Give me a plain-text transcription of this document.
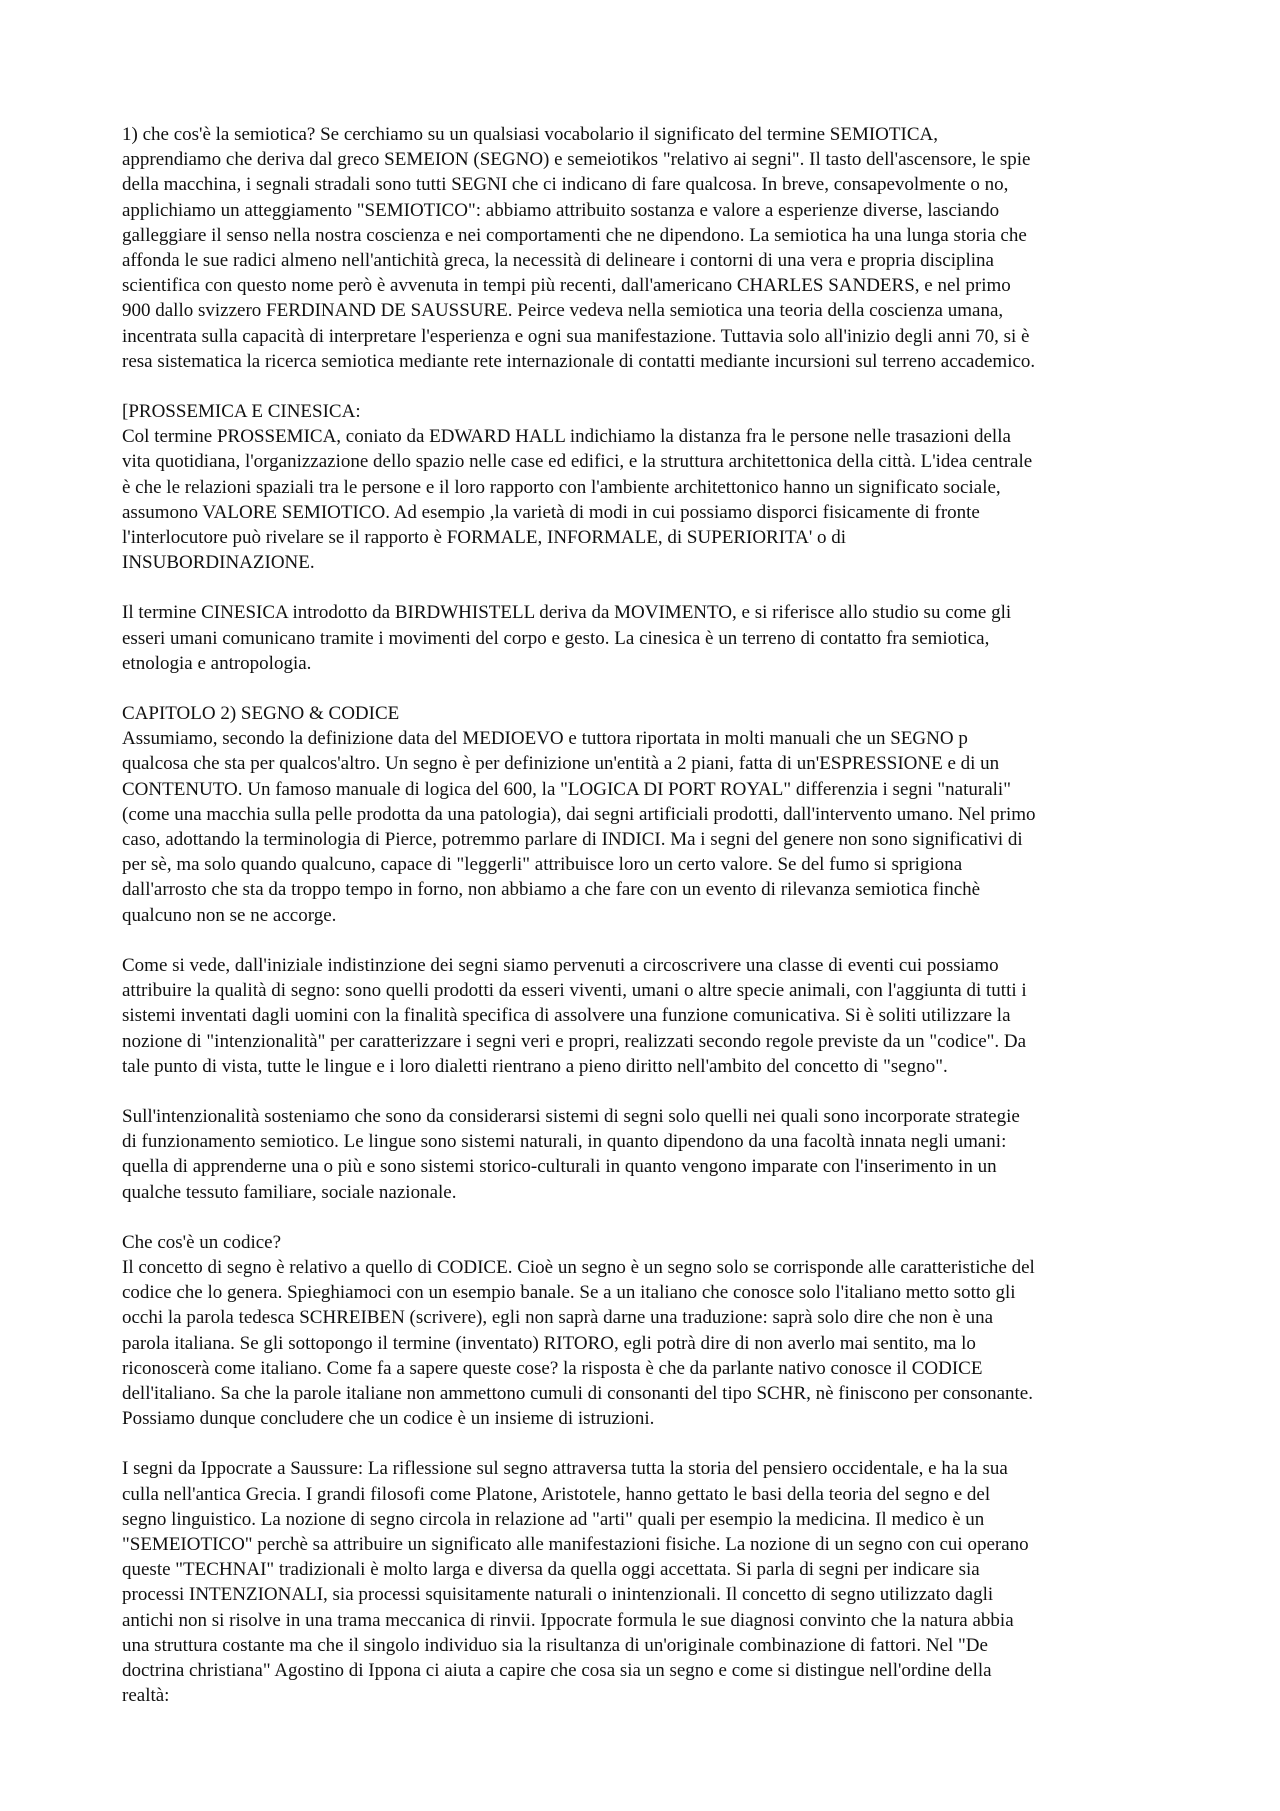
1) che cos'è la semiotica? Se cerchiamo su un qualsiasi vocabolario il significato del termine SEMIOTICA,
apprendiamo che deriva dal greco SEMEION (SEGNO) e semeiotikos "relativo ai segni". Il tasto dell'ascensore, le spie
della macchina, i segnali stradali sono tutti SEGNI che ci indicano di fare qualcosa. In breve, consapevolmente o no,
applichiamo un atteggiamento "SEMIOTICO": abbiamo attribuito sostanza e valore a esperienze diverse, lasciando
galleggiare il senso nella nostra coscienza e nei comportamenti che ne dipendono. La semiotica ha una lunga storia che
affonda le sue radici almeno nell'antichità greca, la necessità di delineare i contorni di una vera e propria disciplina
scientifica con questo nome però è avvenuta in tempi più recenti, dall'americano CHARLES SANDERS, e nel primo
900 dallo svizzero FERDINAND DE SAUSSURE. Peirce vedeva nella semiotica una teoria della coscienza umana,
incentrata sulla capacità di interpretare l'esperienza e ogni sua manifestazione. Tuttavia solo all'inizio degli anni 70, si è
resa sistematica la ricerca semiotica mediante rete internazionale di contatti mediante incursioni sul terreno accademico.

[PROSSEMICA E CINESICA:
Col termine PROSSEMICA, coniato da EDWARD HALL indichiamo la distanza fra le persone nelle trasazioni della
vita quotidiana, l'organizzazione dello spazio nelle case ed edifici, e la struttura architettonica della città. L'idea centrale
è che le relazioni spaziali tra le persone e il loro rapporto con l'ambiente architettonico hanno un significato sociale,
assumono VALORE SEMIOTICO. Ad esempio ,la varietà di modi in cui possiamo disporci fisicamente di fronte
l'interlocutore può rivelare se il rapporto è FORMALE, INFORMALE, di SUPERIORITA' o di
INSUBORDINAZIONE.

Il termine CINESICA introdotto da BIRDWHISTELL deriva da MOVIMENTO, e si riferisce allo studio su come gli
esseri umani comunicano tramite i movimenti del corpo e gesto. La cinesica è un terreno di contatto fra semiotica,
etnologia e antropologia.

CAPITOLO 2) SEGNO & CODICE
Assumiamo, secondo la definizione data del MEDIOEVO e tuttora riportata in molti manuali che un SEGNO p
qualcosa che sta per qualcos'altro. Un segno è per definizione un'entità a 2 piani, fatta di un'ESPRESSIONE e di un
CONTENUTO. Un famoso manuale di logica del 600, la "LOGICA DI PORT ROYAL" differenzia i segni "naturali"
(come una macchia sulla pelle prodotta da una patologia), dai segni artificiali prodotti, dall'intervento umano. Nel primo
caso, adottando la terminologia di Pierce, potremmo parlare di INDICI. Ma i segni del genere non sono significativi di
per sè, ma solo quando qualcuno, capace di "leggerli" attribuisce loro un certo valore. Se del fumo si sprigiona
dall'arrosto che sta da troppo tempo in forno, non abbiamo a che fare con un evento di rilevanza semiotica finchè
qualcuno non se ne accorge.

Come si vede, dall'iniziale indistinzione dei segni siamo pervenuti a circoscrivere una classe di eventi cui possiamo
attribuire la qualità di segno: sono quelli prodotti da esseri viventi, umani o altre specie animali, con l'aggiunta di tutti i
sistemi inventati dagli uomini con la finalità specifica di assolvere una funzione comunicativa. Si è soliti utilizzare la
nozione di "intenzionalità" per caratterizzare i segni veri e propri, realizzati secondo regole previste da un "codice". Da
tale punto di vista, tutte le lingue e i loro dialetti rientrano a pieno diritto nell'ambito del concetto di "segno".

Sull'intenzionalità sosteniamo che sono da considerarsi sistemi di segni solo quelli nei quali sono incorporate strategie
di funzionamento semiotico. Le lingue sono sistemi naturali, in quanto dipendono da una facoltà innata negli umani:
quella di apprenderne una o più e sono sistemi storico-culturali in quanto vengono imparate con l'inserimento in un
qualche tessuto familiare, sociale nazionale.

Che cos'è un codice?
Il concetto di segno è relativo a quello di CODICE. Cioè un segno è un segno solo se corrisponde alle caratteristiche del
codice che lo genera. Spieghiamoci con un esempio banale. Se a un italiano che conosce solo l'italiano metto sotto gli
occhi la parola tedesca SCHREIBEN (scrivere), egli non saprà darne una traduzione: saprà solo dire che non è una
parola italiana. Se gli sottopongo il termine (inventato) RITORO, egli potrà dire di non averlo mai sentito, ma lo
riconoscerà come italiano. Come fa a sapere queste cose? la risposta è che da parlante nativo conosce il CODICE
dell'italiano. Sa che la parole italiane non ammettono cumuli di consonanti del tipo SCHR, nè finiscono per consonante.
Possiamo dunque concludere che un codice è un insieme di istruzioni.

I segni da Ippocrate a Saussure: La riflessione sul segno attraversa tutta la storia del pensiero occidentale, e ha la sua
culla nell'antica Grecia. I grandi filosofi come Platone, Aristotele, hanno gettato le basi della teoria del segno e del
segno linguistico. La nozione di segno circola in relazione ad "arti" quali per esempio la medicina. Il medico è un
"SEMEIOTICO" perchè sa attribuire un significato alle manifestazioni fisiche. La nozione di un segno con cui operano
queste "TECHNAI" tradizionali è molto larga e diversa da quella oggi accettata. Si parla di segni per indicare sia
processi INTENZIONALI, sia processi squisitamente naturali o inintenzionali. Il concetto di segno utilizzato dagli
antichi non si risolve in una trama meccanica di rinvii. Ippocrate formula le sue diagnosi convinto che la natura abbia
una struttura costante ma che il singolo individuo sia la risultanza di un'originale combinazione di fattori. Nel "De
doctrina christiana" Agostino di Ippona ci aiuta a capire che cosa sia un segno e come si distingue nell'ordine della
realtà:
